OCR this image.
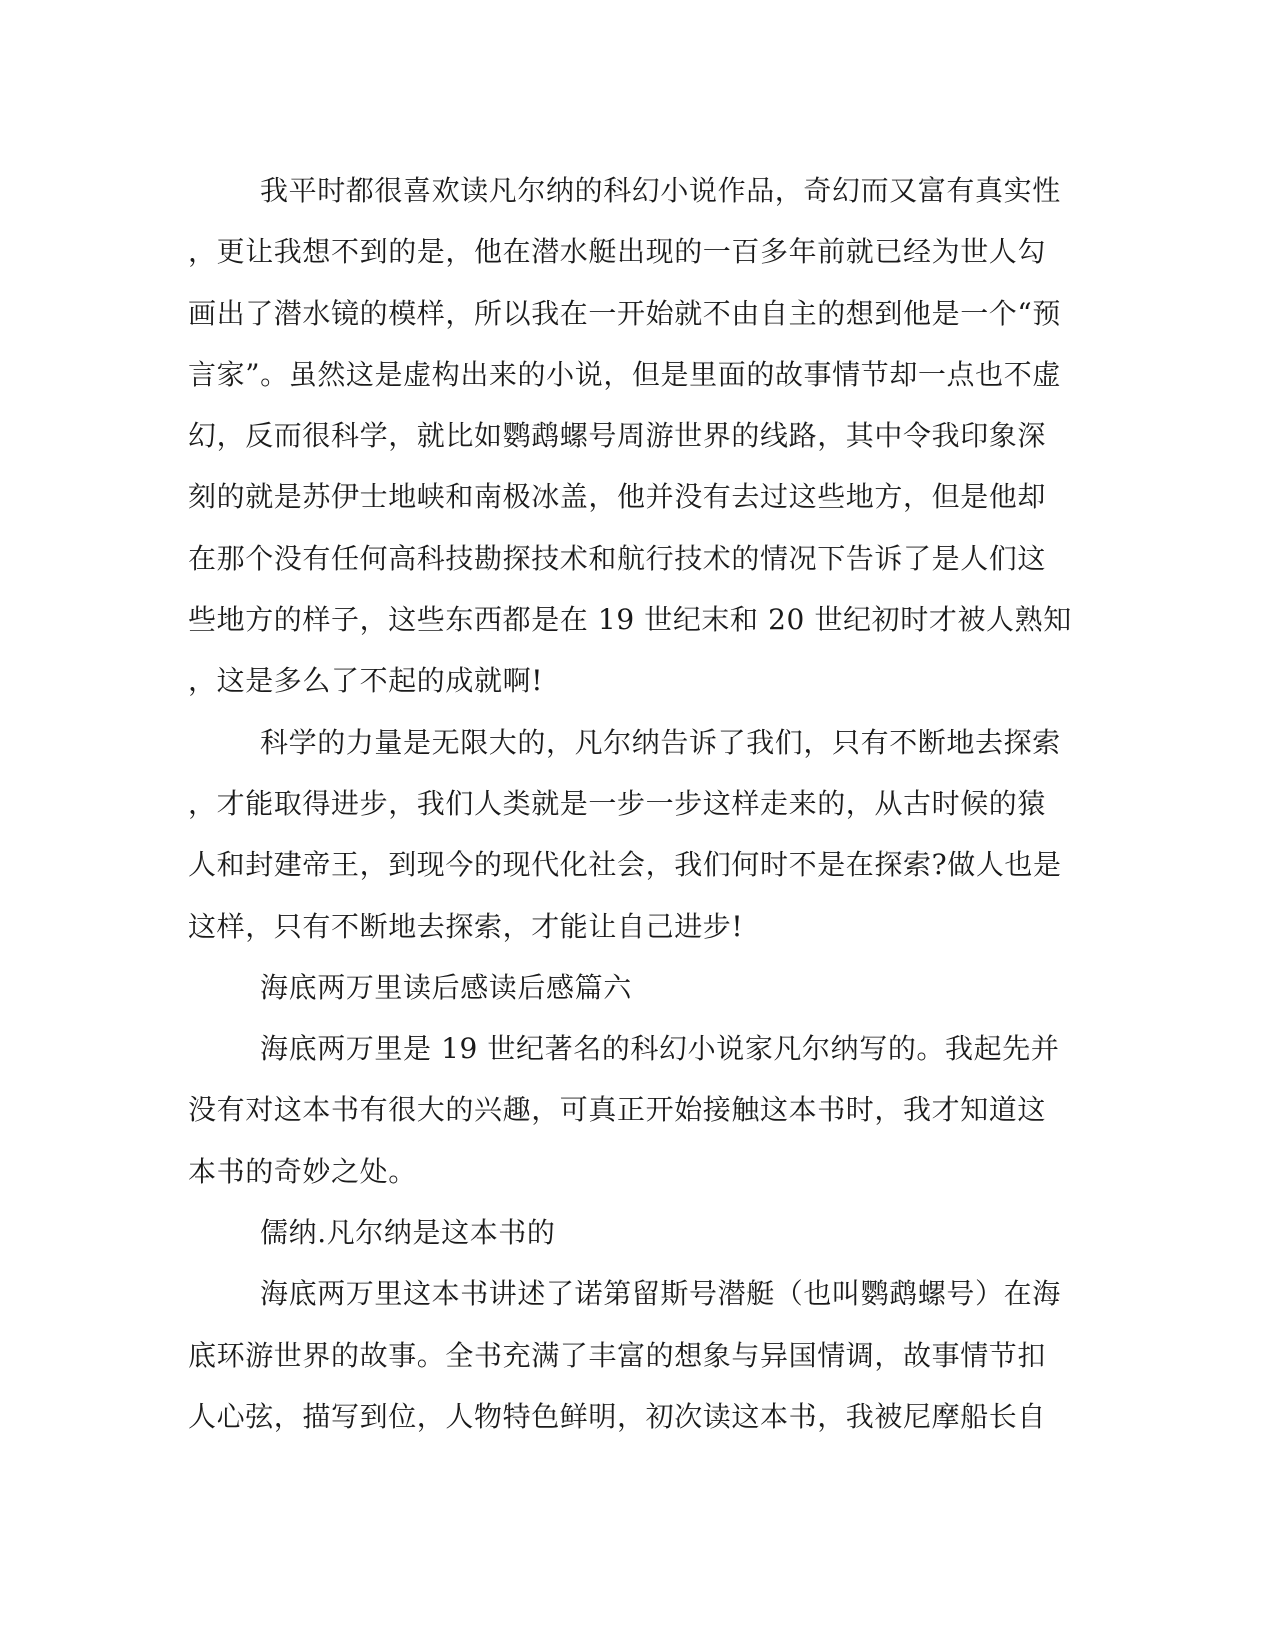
我平时都很喜欢读凡尔纳的科幻小说作品，奇幻而又富有真实性
，更让我想不到的是，他在潜水艇出现的一百多年前就已经为世人勾
画出了潜水镜的模样，所以我在一开始就不由自主的想到他是一个“预
言家”。虽然这是虚构出来的小说，但是里面的故事情节却一点也不虚
幻，反而很科学，就比如鹦鹉螺号周游世界的线路，其中令我印象深
刻的就是苏伊士地峡和南极冰盖，他并没有去过这些地方，但是他却
在那个没有任何高科技勘探技术和航行技术的情况下告诉了是人们这
些地方的样子，这些东西都是在 19 世纪末和 20 世纪初时才被人熟知
，这是多么了不起的成就啊!
科学的力量是无限大的，凡尔纳告诉了我们，只有不断地去探索
，才能取得进步，我们人类就是一步一步这样走来的，从古时候的猿
人和封建帝王，到现今的现代化社会，我们何时不是在探索?做人也是
这样，只有不断地去探索，才能让自己进步!
海底两万里读后感读后感篇六
海底两万里是 19 世纪著名的科幻小说家凡尔纳写的。我起先并
没有对这本书有很大的兴趣，可真正开始接触这本书时，我才知道这
本书的奇妙之处。
儒纳.凡尔纳是这本书的
海底两万里这本书讲述了诺第留斯号潜艇（也叫鹦鹉螺号）在海
底环游世界的故事。全书充满了丰富的想象与异国情调，故事情节扣
人心弦，描写到位，人物特色鲜明，初次读这本书，我被尼摩船长自
